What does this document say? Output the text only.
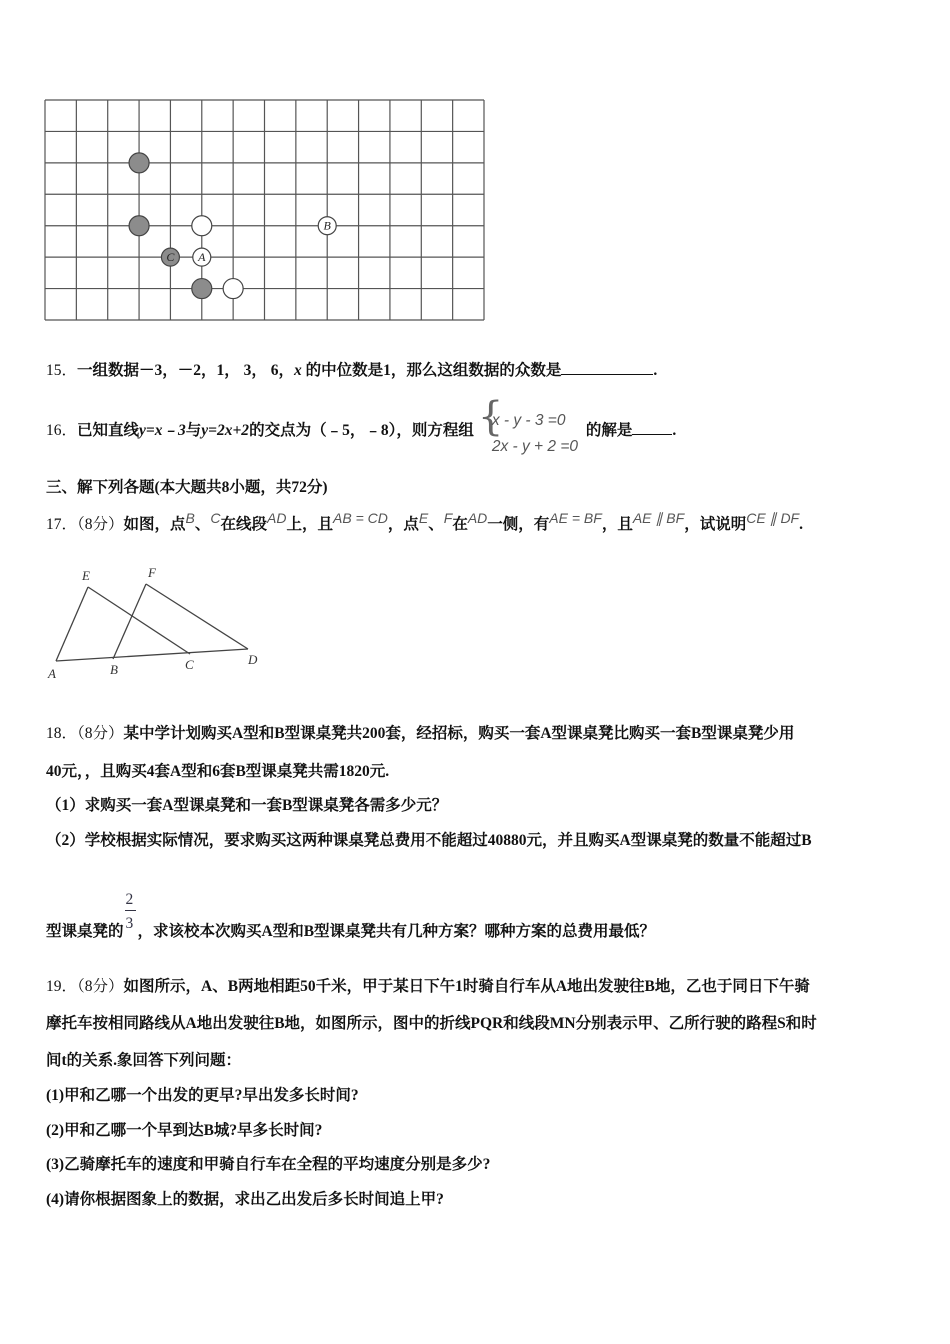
B
C A
15．一组数据－3，－2，1， 3， 6，x 的中位数是1，那么这组数据的众数是	.
16．已知直线y=x﹣3与y=2x+2的交点为（﹣5，﹣8），则方程组 {
x - y - 3 =0
2x - y + 2 =0
的解是	.
三、解下列各题(本大题共8小题，共72分)
17．（8分）如图，点B、C在线段AD上，且AB = CD，点E、F在AD一侧，有AE = BF，且AE ∥ BF，试说明CE ∥ DF.
E	F
A	B	C	D
18．（8分）某中学计划购买A型和B型课桌凳共200套，经招标，购买一套A型课桌凳比购买一套B型课桌凳少用
40元，，且购买4套A型和6套B型课桌凳共需1820元.
（1）求购买一套A型课桌凳和一套B型课桌凳各需多少元？
（2）学校根据实际情况，要求购买这两种课桌凳总费用不能超过40880元，并且购买A型课桌凳的数量不能超过B
型课桌凳的 $\frac{2}{3}$ ，求该校本次购买A型和B型课桌凳共有几种方案？哪种方案的总费用最低？
19．（8分）如图所示，A、B两地相距50千米，甲于某日下午1时骑自行车从A地出发驶往B地，乙也于同日下午骑
摩托车按相同路线从A地出发驶往B地，如图所示，图中的折线PQR和线段MN分别表示甲、乙所行驶的路程S和时
间t的关系.象回答下列问题：
(1)甲和乙哪一个出发的更早?早出发多长时间?
(2)甲和乙哪一个早到达B城?早多长时间?
(3)乙骑摩托车的速度和甲骑自行车在全程的平均速度分别是多少?
(4)请你根据图象上的数据，求出乙出发后多长时间追上甲?
